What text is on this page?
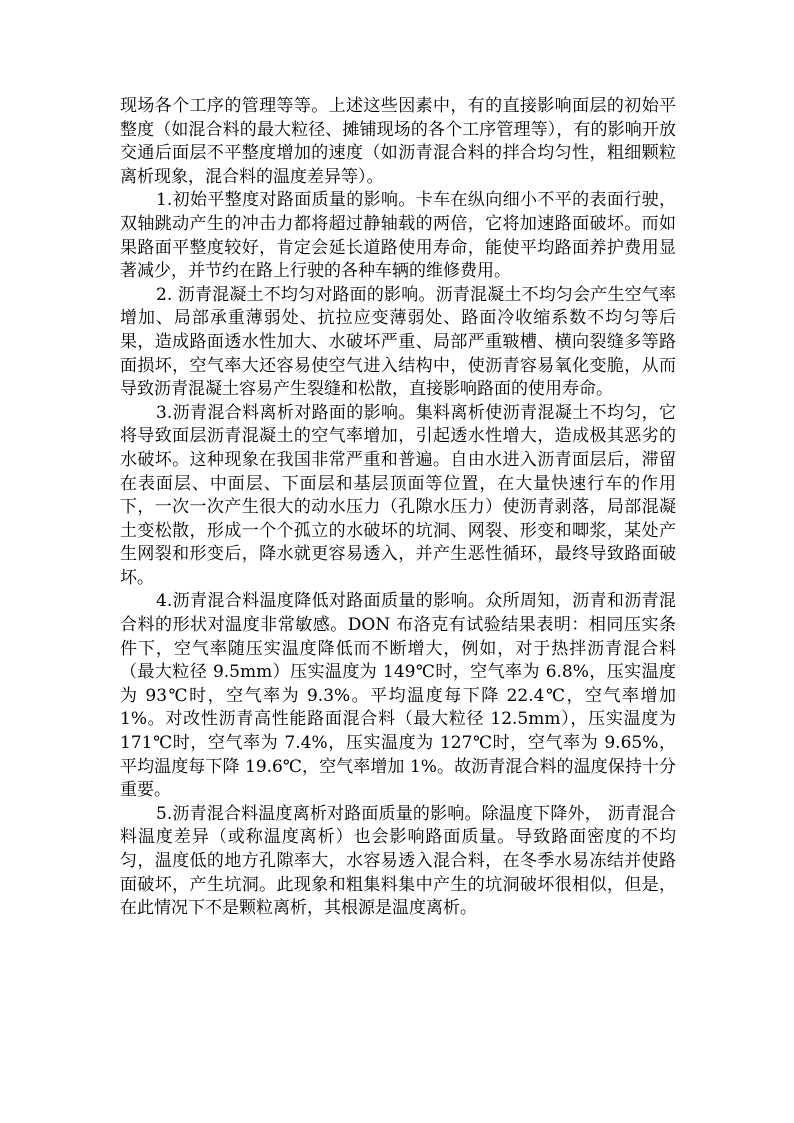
现场各个工序的管理等等。上述这些因素中，有的直接影响面层的初始平整度（如混合料的最大粒径、摊铺现场的各个工序管理等），有的影响开放交通后面层不平整度增加的速度（如沥青混合料的拌合均匀性，粗细颗粒离析现象，混合料的温度差异等）。

1.初始平整度对路面质量的影响。卡车在纵向细小不平的表面行驶，双轴跳动产生的冲击力都将超过静轴载的两倍，它将加速路面破坏。而如果路面平整度较好，肯定会延长道路使用寿命，能使平均路面养护费用显著减少，并节约在路上行驶的各种车辆的维修费用。

2. 沥青混凝土不均匀对路面的影响。沥青混凝土不均匀会产生空气率增加、局部承重薄弱处、抗拉应变薄弱处、路面冷收缩系数不均匀等后果，造成路面透水性加大、水破坏严重、局部严重皲槽、横向裂缝多等路面损坏，空气率大还容易使空气进入结构中，使沥青容易氧化变脆，从而导致沥青混凝土容易产生裂缝和松散，直接影响路面的使用寿命。

3.沥青混合料离析对路面的影响。集料离析使沥青混凝土不均匀，它将导致面层沥青混凝土的空气率增加，引起透水性增大，造成极其恶劣的水破坏。这种现象在我国非常严重和普遍。自由水进入沥青面层后，滞留在表面层、中面层、下面层和基层顶面等位置，在大量快速行车的作用下，一次一次产生很大的动水压力（孔隙水压力）使沥青剥落，局部混凝土变松散，形成一个个孤立的水破坏的坑洞、网裂、形变和唧浆，某处产生网裂和形变后，降水就更容易透入，并产生恶性循环，最终导致路面破坏。

4.沥青混合料温度降低对路面质量的影响。众所周知，沥青和沥青混合料的形状对温度非常敏感。DON 布洛克有试验结果表明：相同压实条件下，空气率随压实温度降低而不断增大，例如，对于热拌沥青混合料（最大粒径 9.5mm）压实温度为 149℃时，空气率为 6.8%，压实温度为 93℃时，空气率为 9.3%。平均温度每下降 22.4℃，空气率增加 1%。对改性沥青高性能路面混合料（最大粒径 12.5mm），压实温度为 171℃时，空气率为 7.4%，压实温度为 127℃时，空气率为 9.65%，平均温度每下降 19.6℃，空气率增加 1%。故沥青混合料的温度保持十分重要。

5.沥青混合料温度离析对路面质量的影响。除温度下降外， 沥青混合料温度差异（或称温度离析）也会影响路面质量。导致路面密度的不均匀，温度低的地方孔隙率大，水容易透入混合料，在冬季水易冻结并使路面破坏，产生坑洞。此现象和粗集料集中产生的坑洞破坏很相似，但是，在此情况下不是颗粒离析，其根源是温度离析。
